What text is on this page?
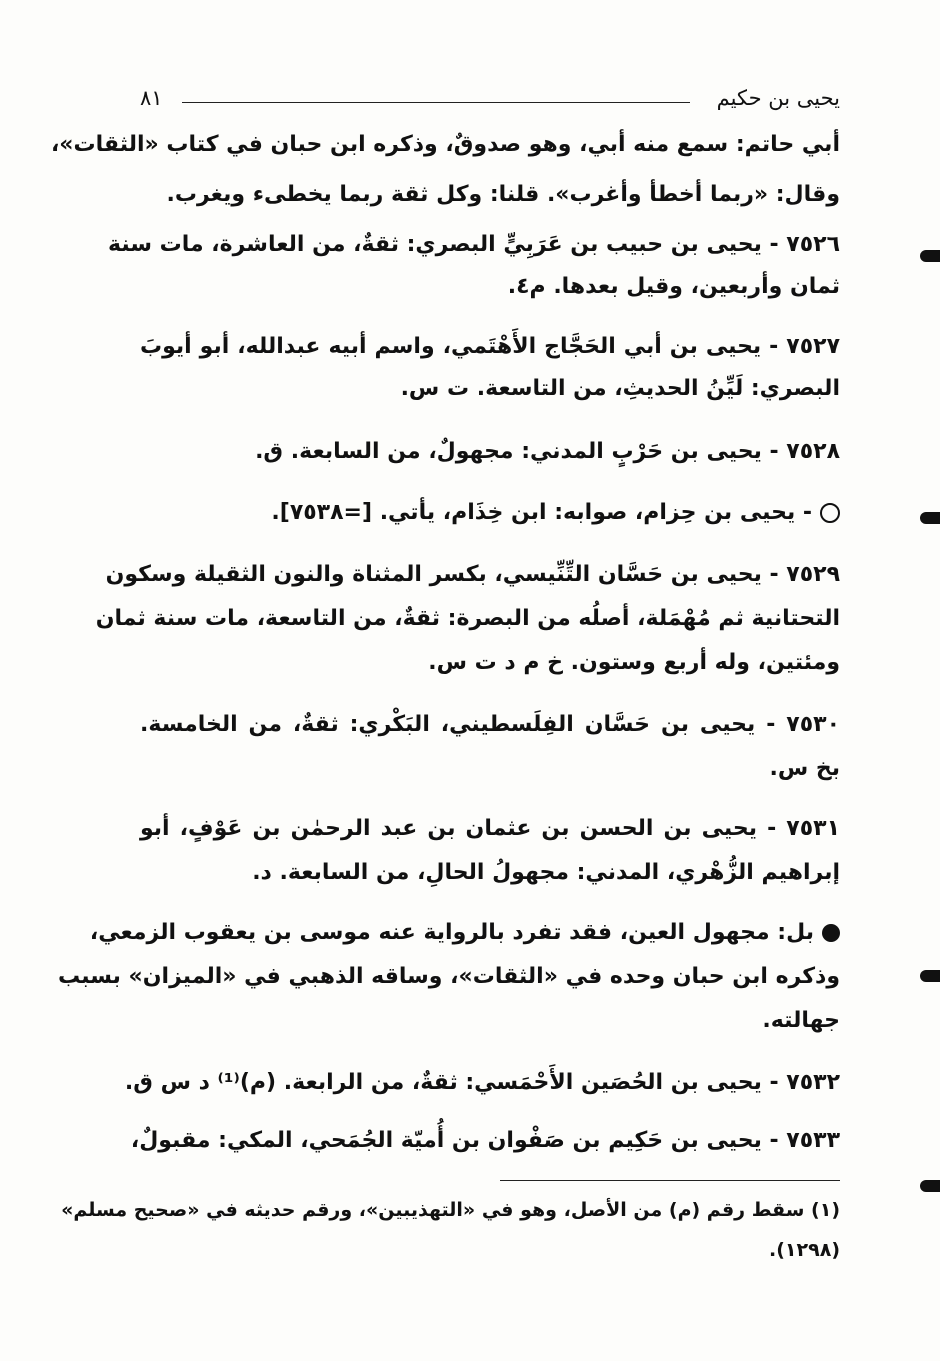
يحيى بن حكيم
٨١
أبي حاتم: سمع منه أبي، وهو صدوقٌ، وذكره ابن حبان في كتاب «الثقات»،
وقال: «ربما أخطأ وأغرب». قلنا: وكل ثقة ربما يخطىء ويغرب.
٧٥٢٦ - يحيى بن حبيب بن عَرَبِيٍّ البصري: ثقةٌ، من العاشرة، مات سنة
ثمان وأربعين، وقيل بعدها. م٤.
٧٥٢٧ - يحيى بن أبي الحَجَّاج الأَهْتَمي، واسم أبيه عبدالله، أبو أيوبَ
البصري: لَيِّنُ الحديثِ، من التاسعة. ت س.
٧٥٢٨ - يحيى بن حَرْبٍ المدني: مجهولٌ، من السابعة. ق.
- يحيى بن حِزام، صوابه: ابن خِذَام، يأتي. [=٧٥٣٨].
٧٥٢٩ - يحيى بن حَسَّان التِّنِّيسي، بكسر المثناة والنون الثقيلة وسكون
التحتانية ثم مُهْمَلة، أصلُه من البصرة: ثقةٌ، من التاسعة، مات سنة ثمان
ومئتين، وله أربع وستون. خ م د ت س.
٧٥٣٠ - يحيى بن حَسَّان الفِلَسطيني، البَكْري: ثقةٌ، من الخامسة.
بخ س.
٧٥٣١ - يحيى بن الحسن بن عثمان بن عبد الرحمٰن بن عَوْفٍ، أبو
إبراهيم الزُّهْري، المدني: مجهولُ الحالِ، من السابعة. د.
بل: مجهول العين، فقد تفرد بالرواية عنه موسى بن يعقوب الزمعي،
وذكره ابن حبان وحده في «الثقات»، وساقه الذهبي في «الميزان» بسبب
جهالته.
٧٥٣٢ - يحيى بن الحُصَين الأَحْمَسي: ثقةٌ، من الرابعة. (م)⁽¹⁾ د س ق.
٧٥٣٣ - يحيى بن حَكِيم بن صَفْوان بن أُميّة الجُمَحي، المكي: مقبولٌ،
(١) سقط رقم (م) من الأصل، وهو في «التهذيبين»، ورقم حديثه في «صحيح مسلم»
(١٢٩٨).
